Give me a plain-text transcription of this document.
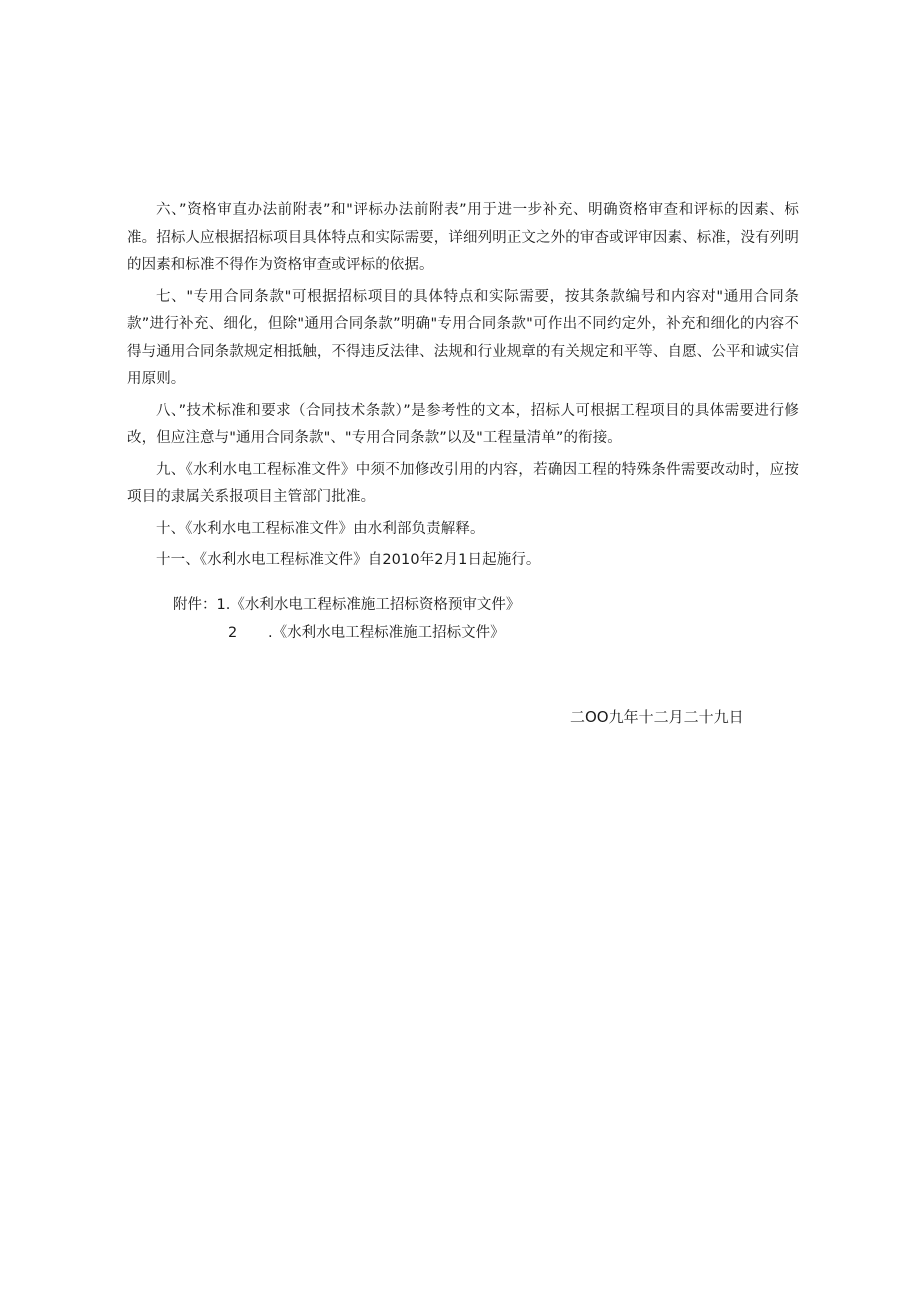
六、”资格审直办法前附表”和"评标办法前附表”用于进一步补充、明确资格审查和评标的因素、标准。招标人应根据招标项目具体特点和实际需要，详细列明正文之外的审杳或评审因素、标准，没有列明的因素和标准不得作为资格审查或评标的依据。

七、"专用合同条款"可根据招标项目的具体特点和实际需要，按其条款编号和内容对"通用合同条款”进行补充、细化，但除"通用合同条款”明确"专用合同条款"可作出不同约定外，补充和细化的内容不得与通用合同条款规定相抵触，不得违反法律、法规和行业规章的有关规定和平等、自愿、公平和诚实信用原则。

八、”技术标准和要求（合同技术条款）”是参考性的文本，招标人可根据工程项目的具体需要进行修改，但应注意与"通用合同条款"、"专用合同条款”以及"工程量清单”的衔接。

九、《水利水电工程标准文件》中须不加修改引用的内容，若确因工程的特殊条件需要改动时，应按项目的隶属关系报项目主管部门批准。

十、《水利水电工程标准文件》由水利部负责解释。

十一、《水利水电工程标准文件》自2010年2月1日起施行。

附件：1.《水利水电工程标准施工招标资格预审文件》
2 .《水利水电工程标准施工招标文件》
二OO九年十二月二十九日
